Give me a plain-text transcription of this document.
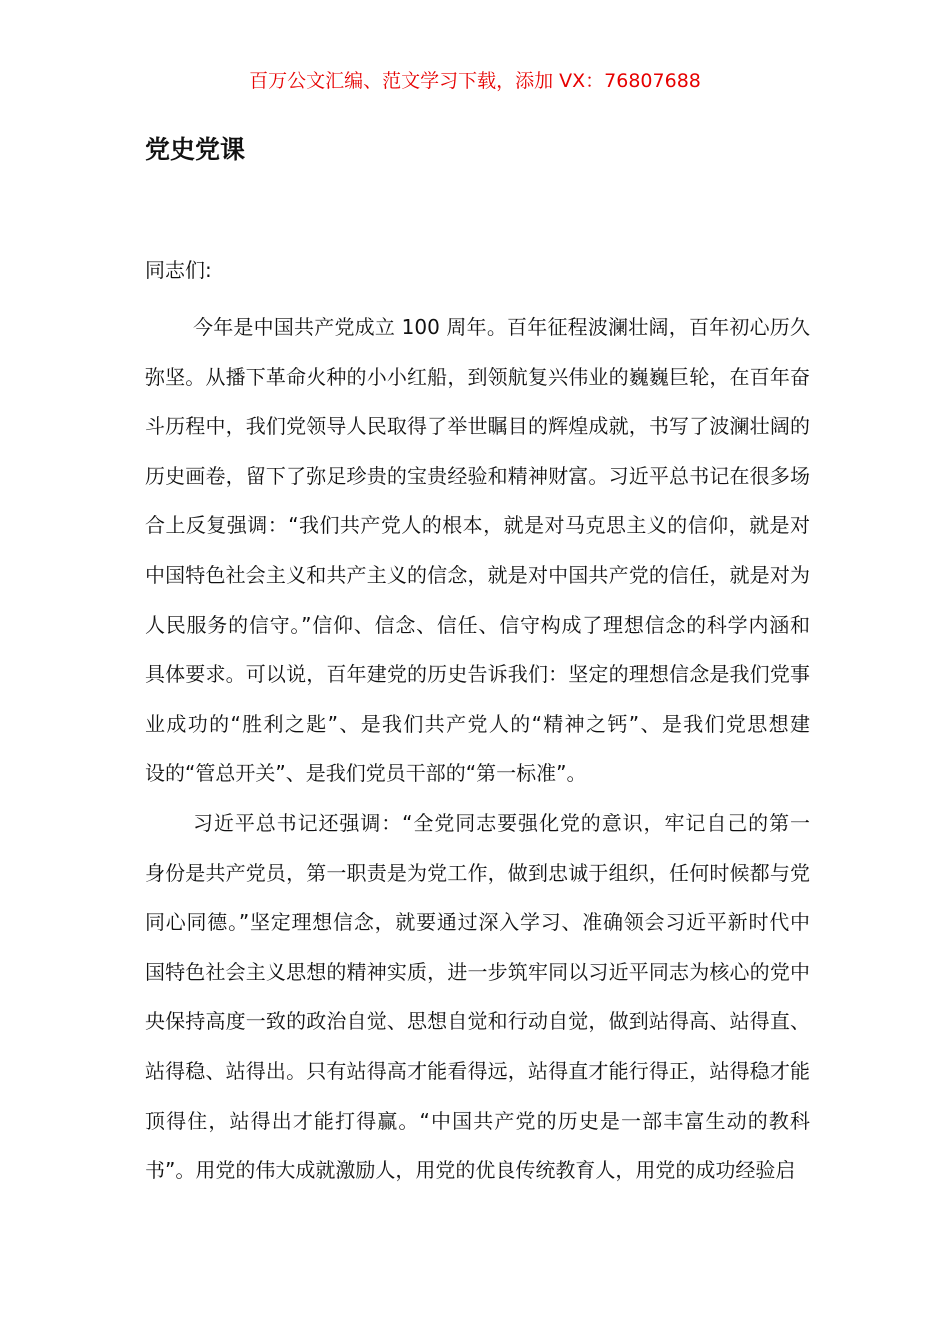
百万公文汇编、范文学习下载，添加 VX：76807688
党史党课

同志们:

今年是中国共产党成立 100 周年。百年征程波澜壮阔，百年初心历久
弥坚。从播下革命火种的小小红船，到领航复兴伟业的巍巍巨轮，在百年奋
斗历程中，我们党领导人民取得了举世瞩目的辉煌成就，书写了波澜壮阔的
历史画卷，留下了弥足珍贵的宝贵经验和精神财富。习近平总书记在很多场
合上反复强调：“我们共产党人的根本，就是对马克思主义的信仰，就是对
中国特色社会主义和共产主义的信念，就是对中国共产党的信任，就是对为
人民服务的信守。”信仰、信念、信任、信守构成了理想信念的科学内涵和
具体要求。可以说，百年建党的历史告诉我们：坚定的理想信念是我们党事
业成功的“胜利之匙”、是我们共产党人的“精神之钙”、是我们党思想建
设的“管总开关”、是我们党员干部的“第一标准”。

习近平总书记还强调：“全党同志要强化党的意识，牢记自己的第一
身份是共产党员，第一职责是为党工作，做到忠诚于组织，任何时候都与党
同心同德。”坚定理想信念，就要通过深入学习、准确领会习近平新时代中
国特色社会主义思想的精神实质，进一步筑牢同以习近平同志为核心的党中
央保持高度一致的政治自觉、思想自觉和行动自觉，做到站得高、站得直、
站得稳、站得出。只有站得高才能看得远，站得直才能行得正，站得稳才能
顶得住，站得出才能打得赢。“中国共产党的历史是一部丰富生动的教科
书”。用党的伟大成就激励人，用党的优良传统教育人，用党的成功经验启
